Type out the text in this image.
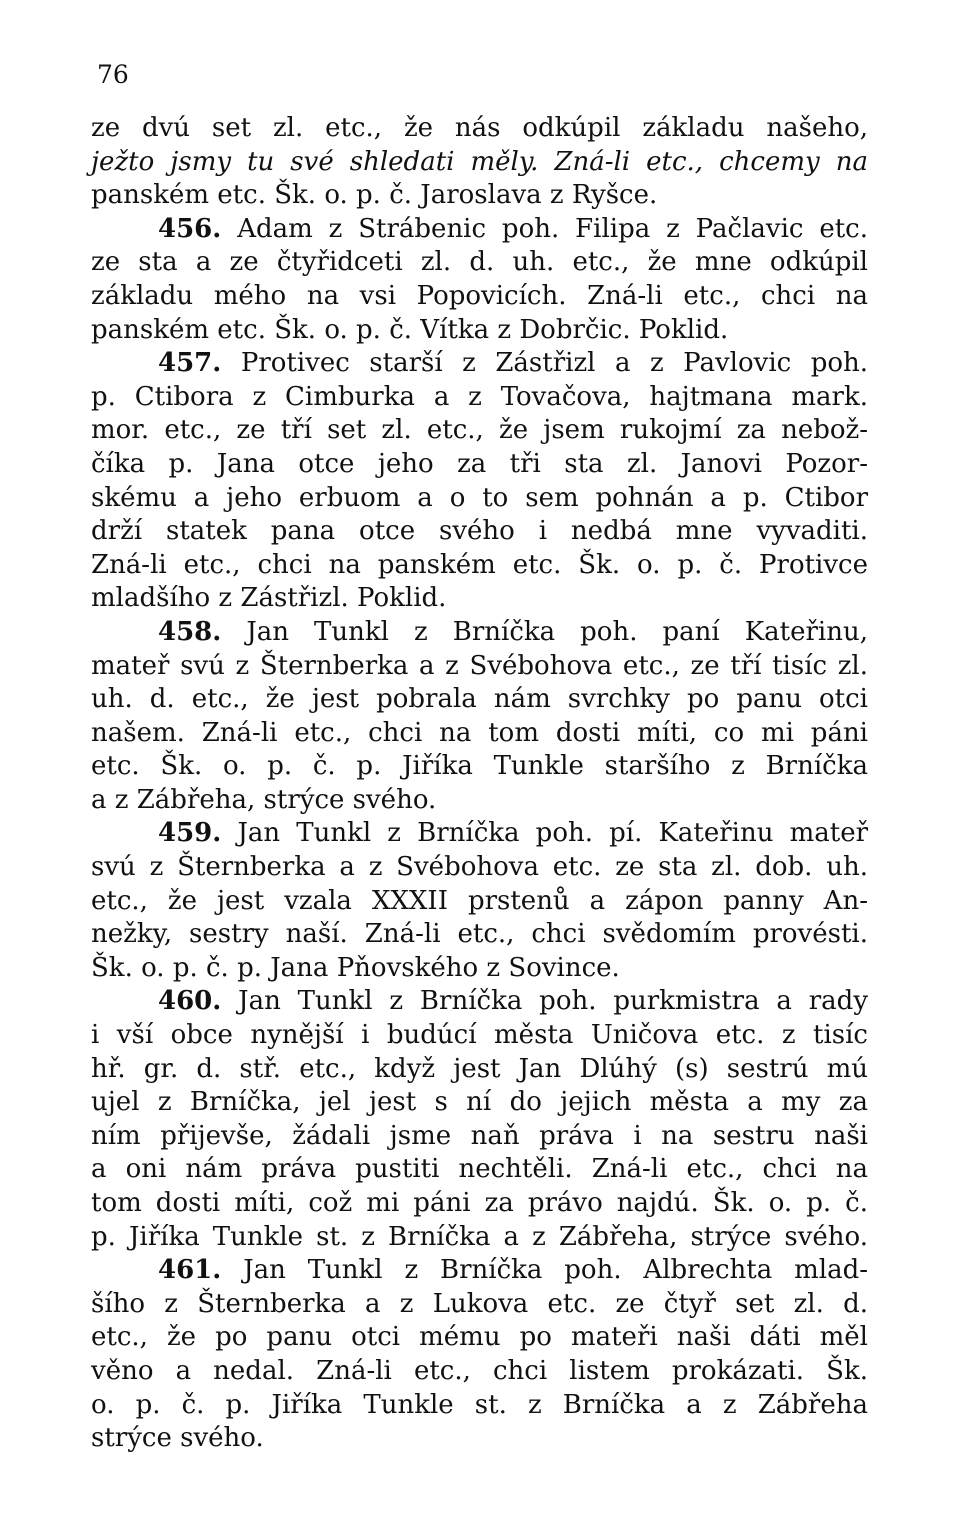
76
ze dvú set zl. etc., že nás odkúpil základu našeho,
ježto jsmy tu své shledati měly. Zná-li etc., chcemy na
panském etc. Šk. o. p. č. Jaroslava z Ryšce.
456. Adam z Strábenic poh. Filipa z Pačlavic etc.
ze sta a ze čtyřidceti zl. d. uh. etc., že mne odkúpil
základu mého na vsi Popovicích. Zná-li etc., chci na
panském etc. Šk. o. p. č. Vítka z Dobrčic. Poklid.
457. Protivec starší z Zástřizl a z Pavlovic poh.
p. Ctibora z Cimburka a z Tovačova, hajtmana mark.
mor. etc., ze tří set zl. etc., že jsem rukojmí za nebož-
číka p. Jana otce jeho za tři sta zl. Janovi Pozor-
skému a jeho erbuom a o to sem pohnán a p. Ctibor
drží statek pana otce svého i nedbá mne vyvaditi.
Zná-li etc., chci na panském etc. Šk. o. p. č. Protivce
mladšího z Zástřizl. Poklid.
458. Jan Tunkl z Brníčka poh. paní Kateřinu,
mateř svú z Šternberka a z Svébohova etc., ze tří tisíc zl.
uh. d. etc., že jest pobrala nám svrchky po panu otci
našem. Zná-li etc., chci na tom dosti míti, co mi páni
etc. Šk. o. p. č. p. Jiříka Tunkle staršího z Brníčka
a z Zábřeha, strýce svého.
459. Jan Tunkl z Brníčka poh. pí. Kateřinu mateř
svú z Šternberka a z Svébohova etc. ze sta zl. dob. uh.
etc., že jest vzala XXXII prstenů a zápon panny An-
nežky, sestry naší. Zná-li etc., chci svědomím provésti.
Šk. o. p. č. p. Jana Pňovského z Sovince.
460. Jan Tunkl z Brníčka poh. purkmistra a rady
i vší obce nynější i budúcí města Uničova etc. z tisíc
hř. gr. d. stř. etc., když jest Jan Dlúhý (s) sestrú mú
ujel z Brníčka, jel jest s ní do jejich města a my za
ním přijevše, žádali jsme naň práva i na sestru naši
a oni nám práva pustiti nechtěli. Zná-li etc., chci na
tom dosti míti, což mi páni za právo najdú. Šk. o. p. č.
p. Jiříka Tunkle st. z Brníčka a z Zábřeha, strýce svého.
461. Jan Tunkl z Brníčka poh. Albrechta mlad-
šího z Šternberka a z Lukova etc. ze čtyř set zl. d.
etc., že po panu otci mému po mateři naši dáti měl
věno a nedal. Zná-li etc., chci listem prokázati. Šk.
o. p. č. p. Jiříka Tunkle st. z Brníčka a z Zábřeha
strýce svého.
